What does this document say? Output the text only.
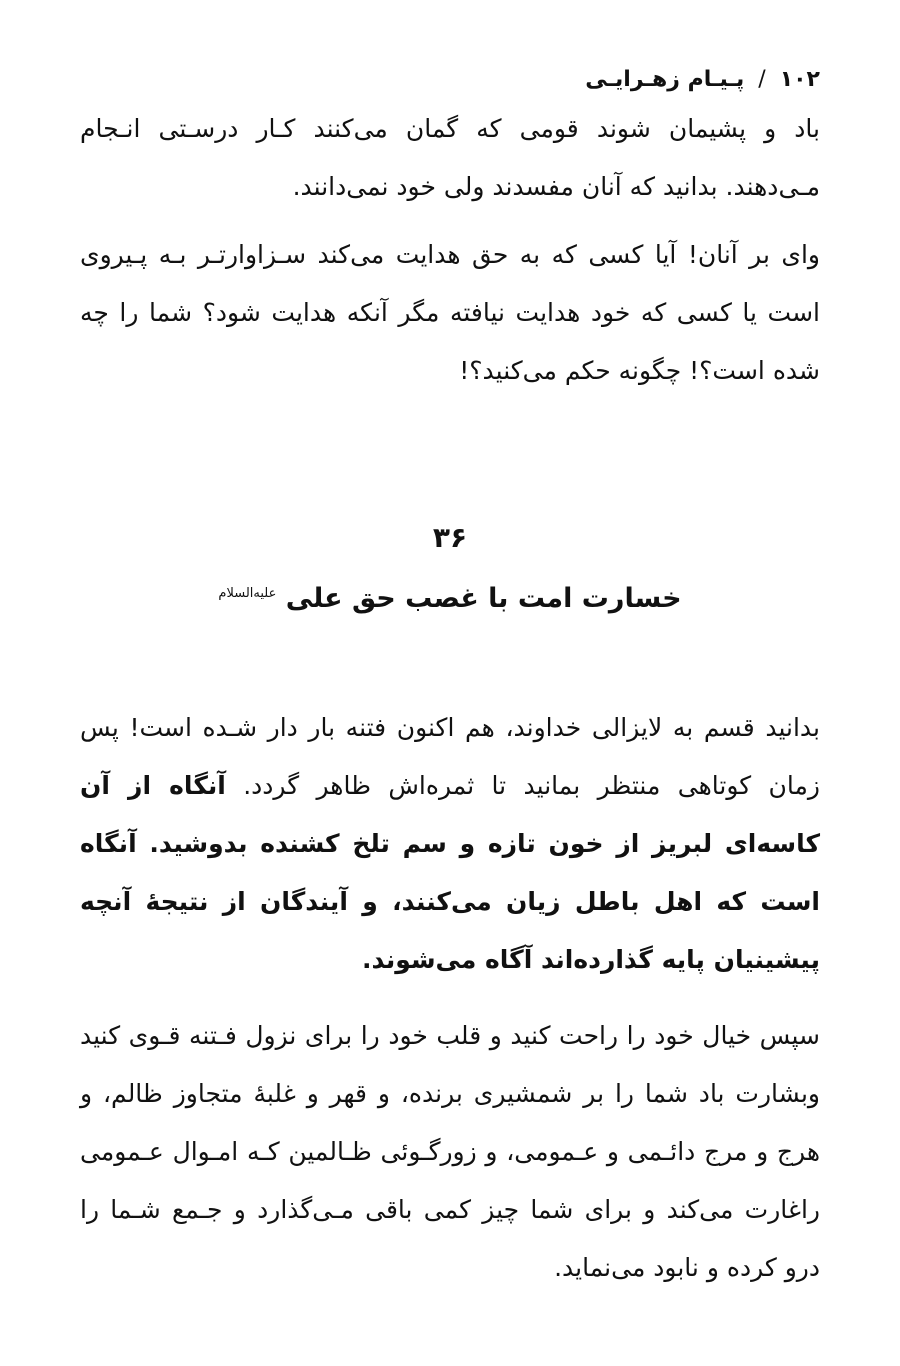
۱۰۲/پـیـام زهـرایـی

باد و پشیمان شوند قومی که گمان می‌کنند کـار درسـتی انـجام مـی‌دهند. بدانید که آنان مفسدند ولی خود نمی‌دانند.

وای بر آنان! آیا کسی که به حق هدایت می‌کند سـزاوارتـر بـه پـیروی است یا کسی که خود هدایت نیافته مگر آنکه هدایت شود؟ شما را چه شده است؟! چگونه حکم می‌کنید؟!

۳۶
خسارت امت با غصب حق علی $^{علیه‌السلام}$

بدانید قسم به لایزالی خداوند، هم اکنون فتنه بار دار شـده است! پس زمان کوتاهی منتظر بمانید تا ثمره‌اش ظاهر گردد. آنگاه از آن کاسه‌ای لبریز از خون تازه و سم تلخ کشنده بدوشید. آنگاه است که اهل باطل زیان می‌کنند، و آیندگان از نتیجهٔ آنچه پیشینیان پایه گذارده‌اند آگاه می‌شوند.

سپس خیال خود را راحت کنید و قلب خود را برای نزول فـتنه قـوی کنید وبشارت باد شما را بر شمشیری برنده، و قهر و غلبهٔ متجاوز ظالم، و هرج و مرج دائـمی و عـمومی، و زورگـوئی ظـالمین کـه امـوال عـمومی راغارت می‌کند و برای شما چیز کمی باقی مـی‌گذارد و جـمع شـما را درو کرده و نابود می‌نماید.
